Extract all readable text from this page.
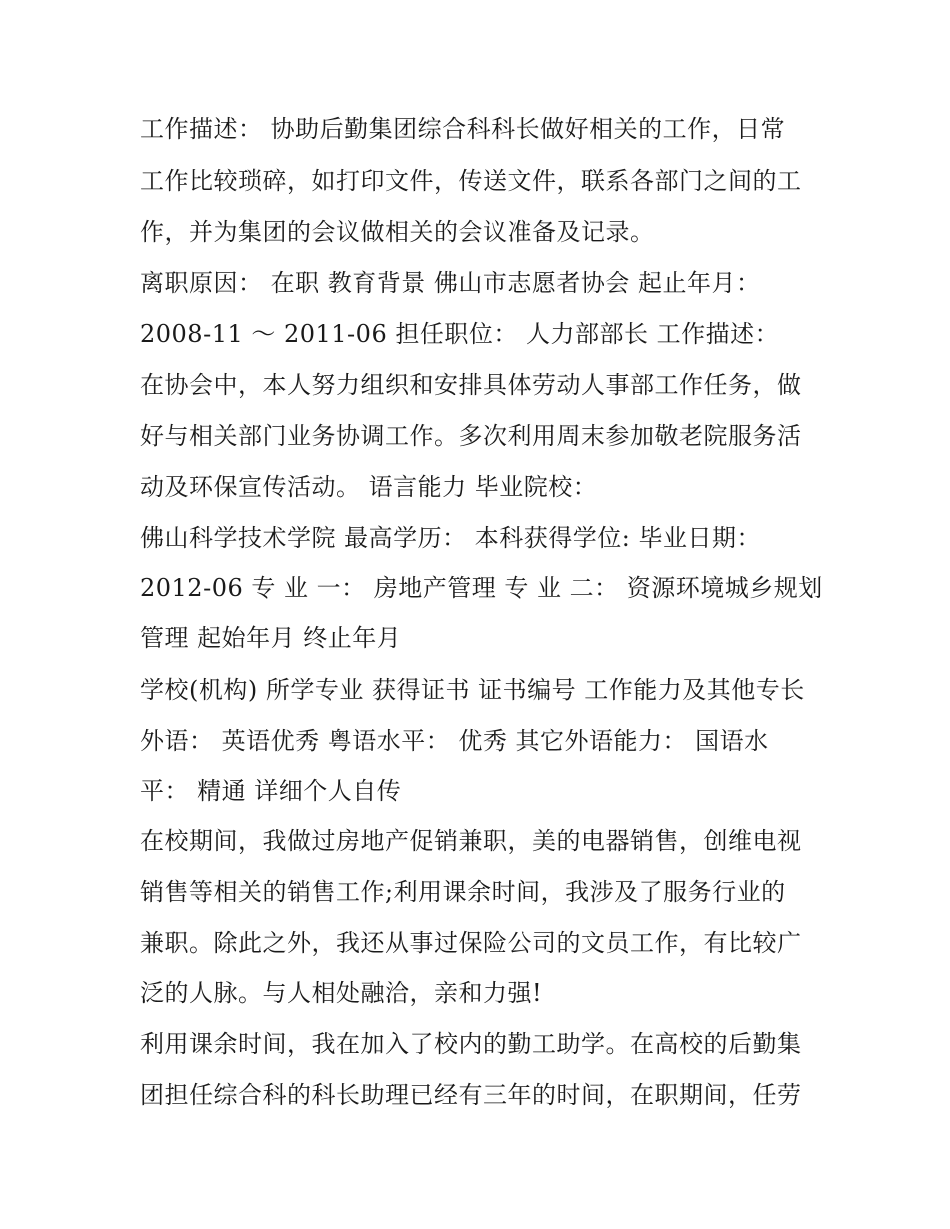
工作描述： 协助后勤集团综合科科长做好相关的工作，日常
工作比较琐碎，如打印文件，传送文件，联系各部门之间的工
作，并为集团的会议做相关的会议准备及记录。
离职原因： 在职 教育背景 佛山市志愿者协会 起止年月：
2008-11 ～ 2011-06 担任职位： 人力部部长 工作描述：
在协会中，本人努力组织和安排具体劳动人事部工作任务，做
好与相关部门业务协调工作。多次利用周末参加敬老院服务活
动及环保宣传活动。 语言能力 毕业院校：
佛山科学技术学院 最高学历： 本科获得学位: 毕业日期：
2012-06 专 业 一： 房地产管理 专 业 二： 资源环境城乡规划
管理 起始年月 终止年月
学校(机构) 所学专业 获得证书 证书编号 工作能力及其他专长
外语： 英语优秀 粤语水平： 优秀 其它外语能力： 国语水
平： 精通 详细个人自传
在校期间，我做过房地产促销兼职，美的电器销售，创维电视
销售等相关的销售工作;利用课余时间，我涉及了服务行业的
兼职。除此之外，我还从事过保险公司的文员工作，有比较广
泛的人脉。与人相处融洽，亲和力强!
利用课余时间，我在加入了校内的勤工助学。在高校的后勤集
团担任综合科的科长助理已经有三年的时间，在职期间，任劳
